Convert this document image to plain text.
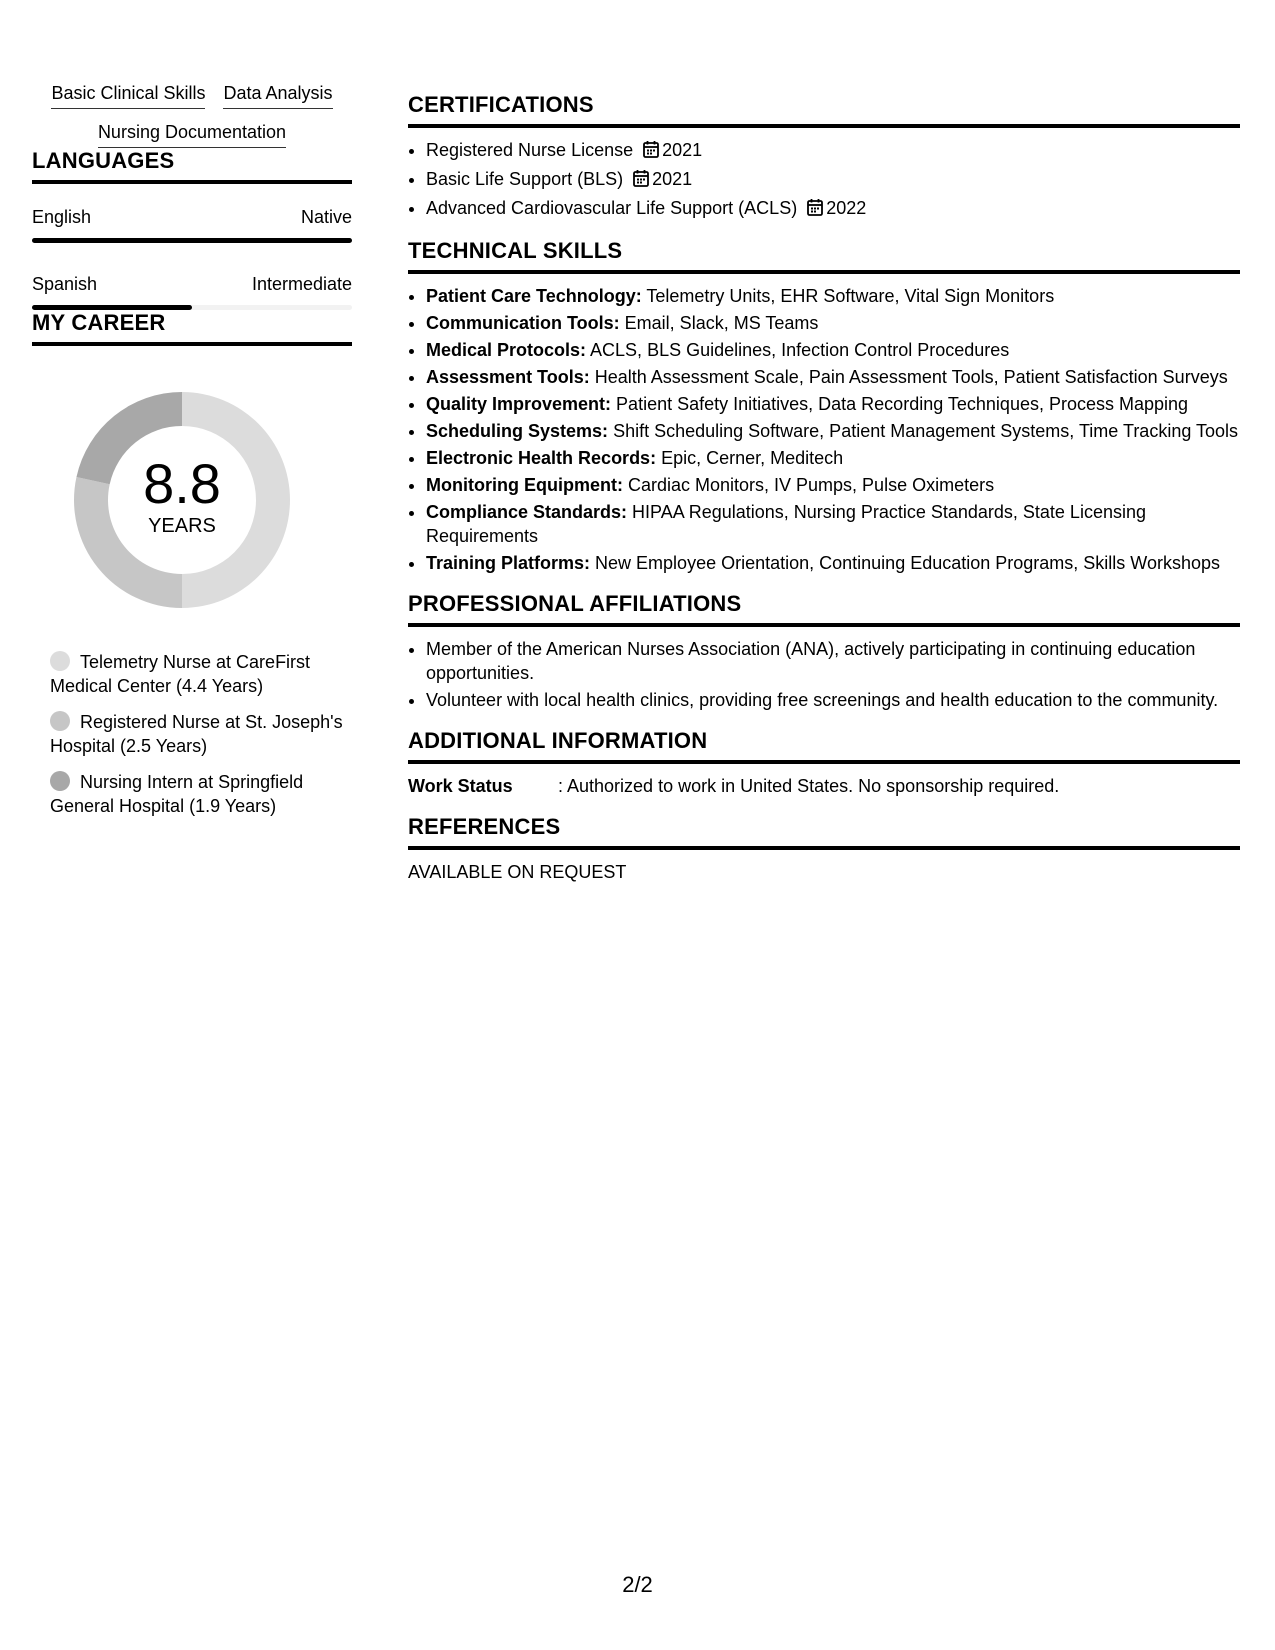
Basic Clinical Skills Data Analysis
Nursing Documentation
LANGUAGES
English	Native
Spanish	Intermediate
MY CAREER
8.8
YEARS
Telemetry Nurse at CareFirst Medical Center (4.4 Years)
Registered Nurse at St. Joseph's Hospital (2.5 Years)
Nursing Intern at Springfield General Hospital (1.9 Years)
CERTIFICATIONS
• Registered Nurse License 2021
• Basic Life Support (BLS) 2021
• Advanced Cardiovascular Life Support (ACLS) 2022
TECHNICAL SKILLS
• Patient Care Technology: Telemetry Units, EHR Software, Vital Sign Monitors
• Communication Tools: Email, Slack, MS Teams
• Medical Protocols: ACLS, BLS Guidelines, Infection Control Procedures
• Assessment Tools: Health Assessment Scale, Pain Assessment Tools, Patient Satisfaction Surveys
• Quality Improvement: Patient Safety Initiatives, Data Recording Techniques, Process Mapping
• Scheduling Systems: Shift Scheduling Software, Patient Management Systems, Time Tracking Tools
• Electronic Health Records: Epic, Cerner, Meditech
• Monitoring Equipment: Cardiac Monitors, IV Pumps, Pulse Oximeters
• Compliance Standards: HIPAA Regulations, Nursing Practice Standards, State Licensing Requirements
• Training Platforms: New Employee Orientation, Continuing Education Programs, Skills Workshops
PROFESSIONAL AFFILIATIONS
• Member of the American Nurses Association (ANA), actively participating in continuing education opportunities.
• Volunteer with local health clinics, providing free screenings and health education to the community.
ADDITIONAL INFORMATION
Work Status	: Authorized to work in United States. No sponsorship required.
REFERENCES
AVAILABLE ON REQUEST
2/2
